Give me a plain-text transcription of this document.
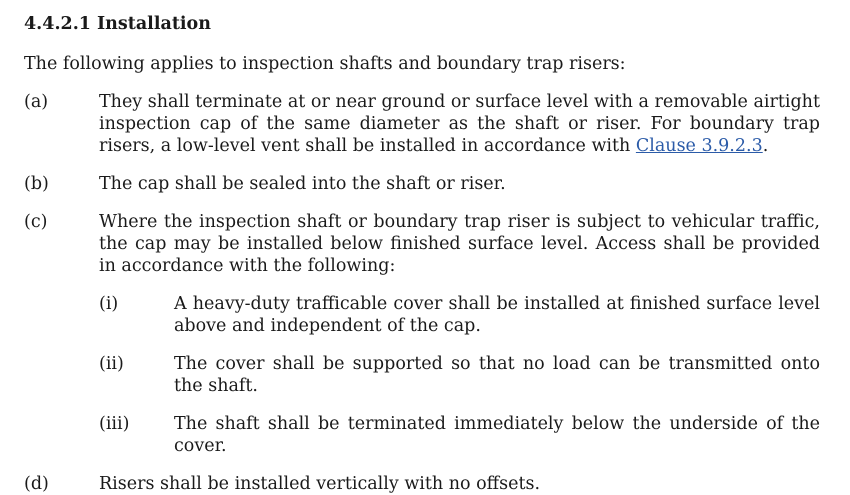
4.4.2.1 Installation
The following applies to inspection shafts and boundary trap risers:
(a)	They shall terminate at or near ground or surface level with a removable airtight inspection cap of the same diameter as the shaft or riser. For boundary trap risers, a low-level vent shall be installed in accordance with Clause 3.9.2.3.
(b)	The cap shall be sealed into the shaft or riser.
(c)	Where the inspection shaft or boundary trap riser is subject to vehicular traffic, the cap may be installed below finished surface level. Access shall be provided in accordance with the following:
(i)	A heavy-duty trafficable cover shall be installed at finished surface level above and independent of the cap.
(ii)	The cover shall be supported so that no load can be transmitted onto the shaft.
(iii)	The shaft shall be terminated immediately below the underside of the cover.
(d)	Risers shall be installed vertically with no offsets.
